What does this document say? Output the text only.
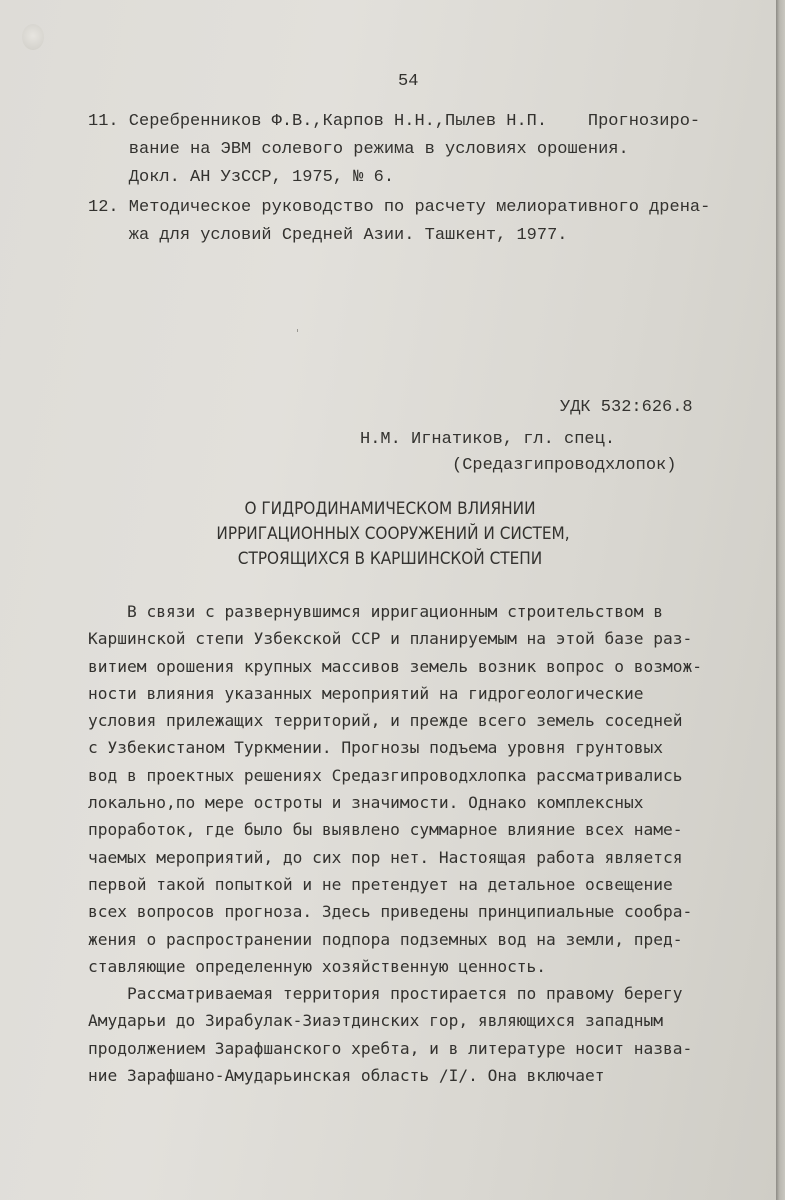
54
11. Серебренников Ф.В.,Карпов Н.Н.,Пылев Н.П.    Прогнозиро-
вание на ЭВМ солевого режима в условиях орошения.
Докл. АН УзССР, 1975, № 6.
12. Методическое руководство по расчету мелиоративного дрена-
жа для уcловий Средней Азии. Ташкент, 1977.
УДК 532:626.8
Н.М. Игнатиков, гл. спец.
(Средазгипроводхлопок)
О ГИДРОДИНАМИЧЕСКОМ ВЛИЯНИИ
ИРРИГАЦИОННЫХ СООРУЖЕНИЙ И СИСТЕМ,
СТРОЯЩИХСЯ В КАРШИНСКОЙ СТЕПИ
В связи с развернувшимся ирригационным строительством в
Каршинской степи Узбекской ССР и планируемым на этой базе раз-
витием орошения крупных массивов земель возник вопрос о возмож-
ности влияния указанных мероприятий на гидрогеологические
условия прилежащих территорий, и прежде всего земель соседней
с Узбекистаном Туркмении. Прогнозы подъема уровня грунтовых
вод в проектных решениях Средазгипроводхлопка рассматривались
локально,по мере остроты и значимости. Однако комплексных
проработок, где было бы выявлено суммарное влияние всех наме-
чаемых мероприятий, до сих пор нет. Настоящая работа является
первой такой попыткой и не претендует на детальное освещение
всех вопросов прогноза. Здесь приведены принципиальные сообра-
жения о распространении подпора подземных вод на земли, пред-
ставляющие определенную хозяйственную ценность.
Рассматриваемая территория простирается по правому берегу
Амударьи до Зирабулак-Зиаэтдинских гор, являющихся западным
продолжением Зарафшанского хребта, и в литературе носит назва-
ние Зарафшано-Амударьинская область /I/. Она включает
